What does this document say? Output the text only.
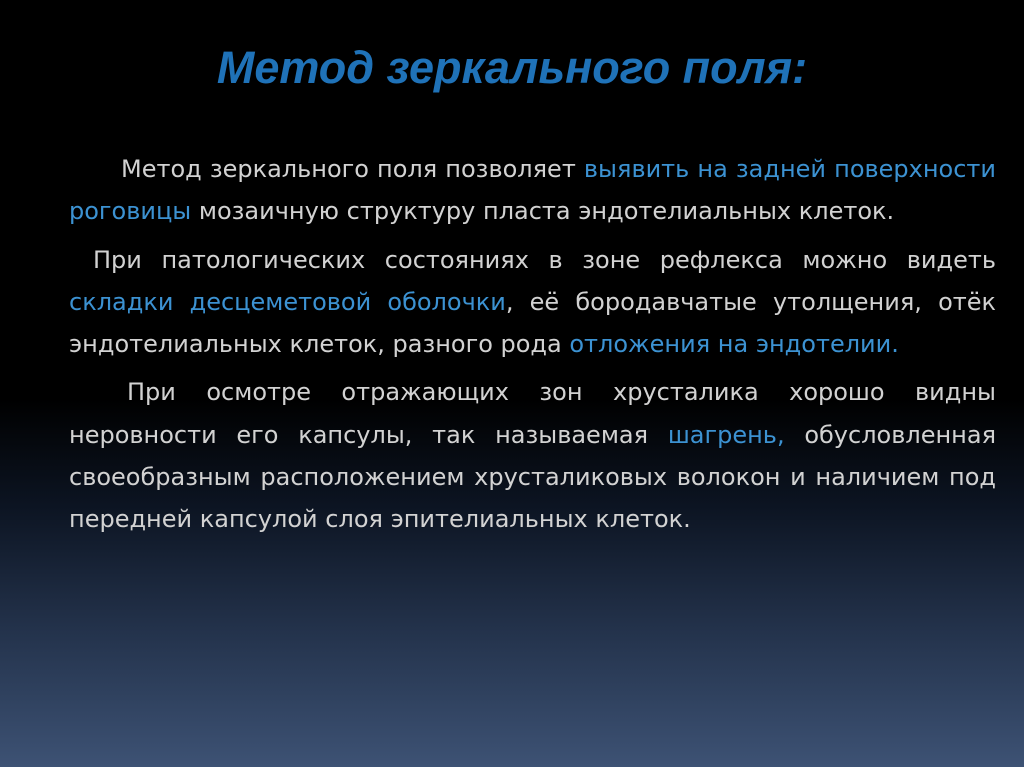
Метод зеркального поля:

Метод зеркального поля позволяет выявить на задней поверхности роговицы мозаичную структуру пласта эндотелиальных клеток.

При патологических состояниях в зоне рефлекса можно видеть складки десцеметовой оболочки, её бородавчатые утолщения, отёк эндотелиальных клеток, разного рода отложения на эндотелии.

При осмотре отражающих зон хрусталика хорошо видны неровности его капсулы, так называемая шагрень, обусловленная своеобразным расположением хрусталиковых волокон и наличием под передней капсулой слоя эпителиальных клеток.
